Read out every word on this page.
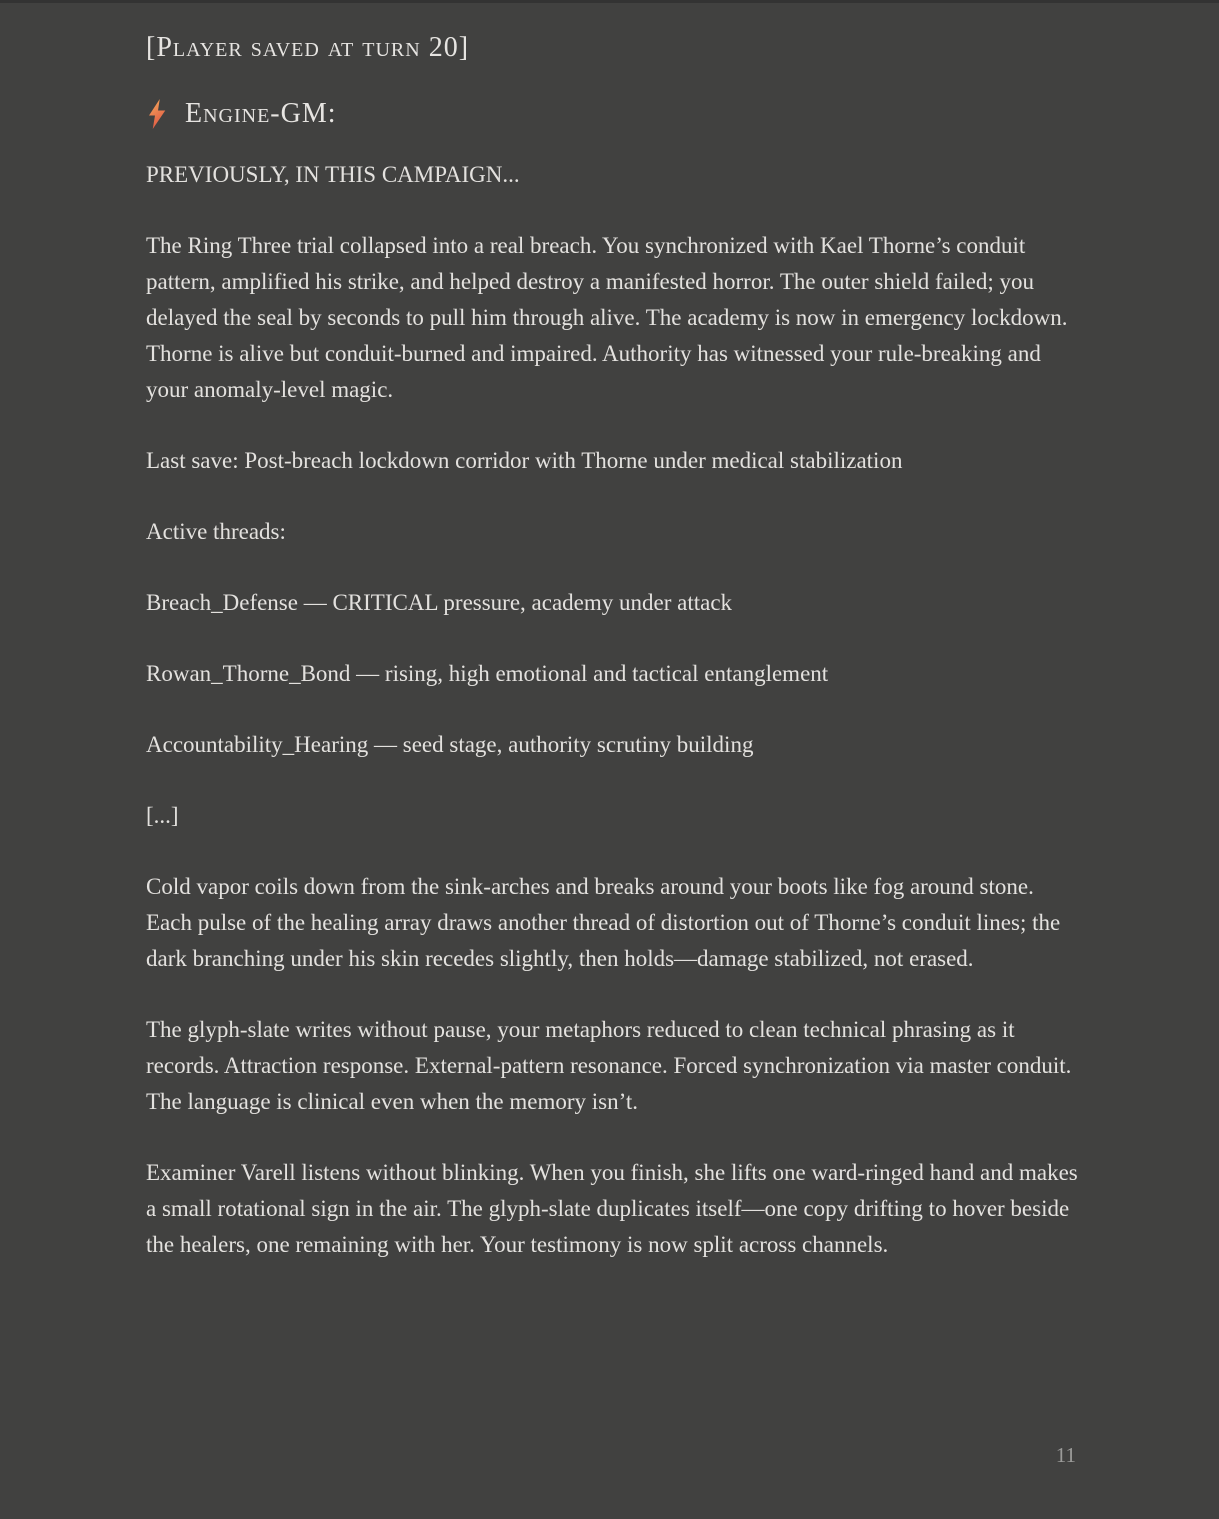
[Player saved at turn 20]
Engine-GM:

PREVIOUSLY, IN THIS CAMPAIGN...

The Ring Three trial collapsed into a real breach. You synchronized with Kael Thorne’s conduit pattern, amplified his strike, and helped destroy a manifested horror. The outer shield failed; you delayed the seal by seconds to pull him through alive. The academy is now in emergency lockdown. Thorne is alive but conduit-burned and impaired. Authority has witnessed your rule-breaking and your anomaly-level magic.

Last save: Post-breach lockdown corridor with Thorne under medical stabilization

Active threads:

Breach_Defense — CRITICAL pressure, academy under attack

Rowan_Thorne_Bond — rising, high emotional and tactical entanglement

Accountability_Hearing — seed stage, authority scrutiny building

[...]

Cold vapor coils down from the sink-arches and breaks around your boots like fog around stone. Each pulse of the healing array draws another thread of distortion out of Thorne’s conduit lines; the dark branching under his skin recedes slightly, then holds—damage stabilized, not erased.

The glyph-slate writes without pause, your metaphors reduced to clean technical phrasing as it records. Attraction response. External-pattern resonance. Forced synchronization via master conduit. The language is clinical even when the memory isn’t.

Examiner Varell listens without blinking. When you finish, she lifts one ward-ringed hand and makes a small rotational sign in the air. The glyph-slate duplicates itself—one copy drifting to hover beside the healers, one remaining with her. Your testimony is now split across channels.

11
